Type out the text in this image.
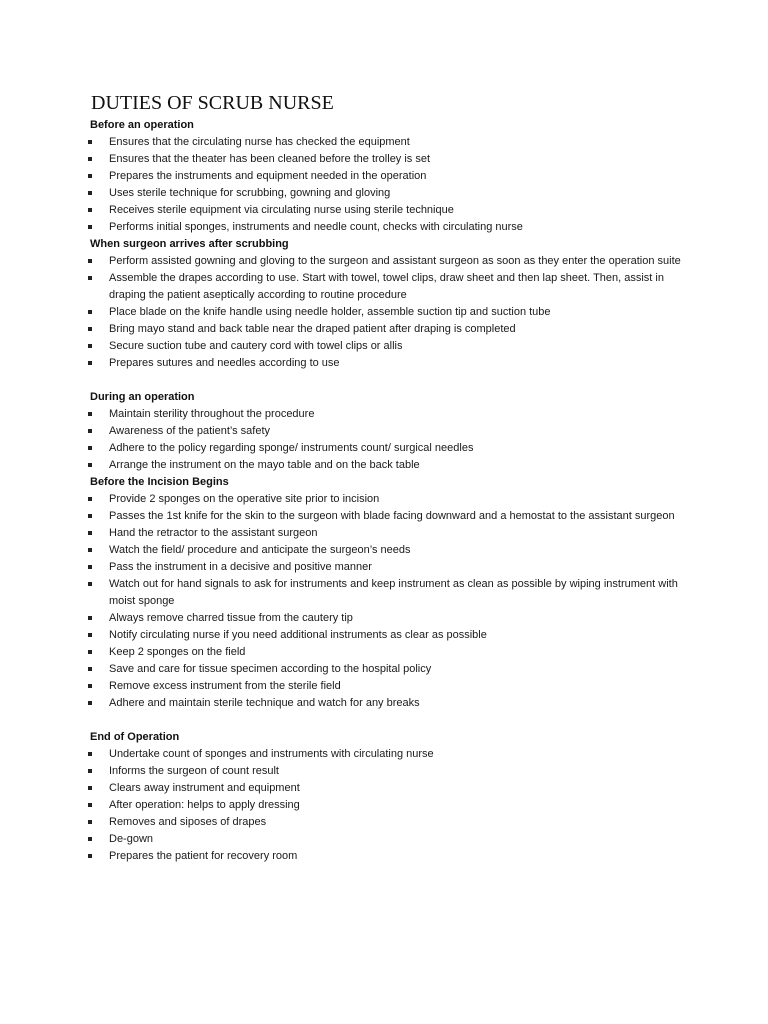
DUTIES OF SCRUB NURSE
Before an operation
Ensures that the circulating nurse has checked the equipment
Ensures that the theater has been cleaned before the trolley is set
Prepares the instruments and equipment needed in the operation
Uses sterile technique for scrubbing, gowning and gloving
Receives sterile equipment via circulating nurse using sterile technique
Performs initial sponges, instruments and needle count, checks with circulating nurse
When surgeon arrives after scrubbing
Perform assisted gowning and gloving to the surgeon and assistant surgeon as soon as they enter the operation suite
Assemble the drapes according to use. Start with towel, towel clips, draw sheet and then lap sheet. Then, assist in draping the patient aseptically according to routine procedure
Place blade on the knife handle using needle holder, assemble suction tip and suction tube
Bring mayo stand and back table near the draped patient after draping is completed
Secure suction tube and cautery cord with towel clips or allis
Prepares sutures and needles according to use
During an operation
Maintain sterility throughout the procedure
Awareness of the patient’s safety
Adhere to the policy regarding sponge/ instruments count/ surgical needles
Arrange the instrument on the mayo table and on the back table
Before the Incision Begins
Provide 2 sponges on the operative site prior to incision
Passes the 1st knife for the skin to the surgeon with blade facing downward and a hemostat to the assistant surgeon
Hand the retractor to the assistant surgeon
Watch the field/ procedure and anticipate the surgeon’s needs
Pass the instrument in a decisive and positive manner
Watch out for hand signals to ask for instruments and keep instrument as clean as possible by wiping instrument with moist sponge
Always remove charred tissue from the cautery tip
Notify circulating nurse if you need additional instruments as clear as possible
Keep 2 sponges on the field
Save and care for tissue specimen according to the hospital policy
Remove excess instrument from the sterile field
Adhere and maintain sterile technique and watch for any breaks
End of Operation
Undertake count of sponges and instruments with circulating nurse
Informs the surgeon of count result
Clears away instrument and equipment
After operation: helps to apply dressing
Removes and siposes of drapes
De-gown
Prepares the patient for recovery room
